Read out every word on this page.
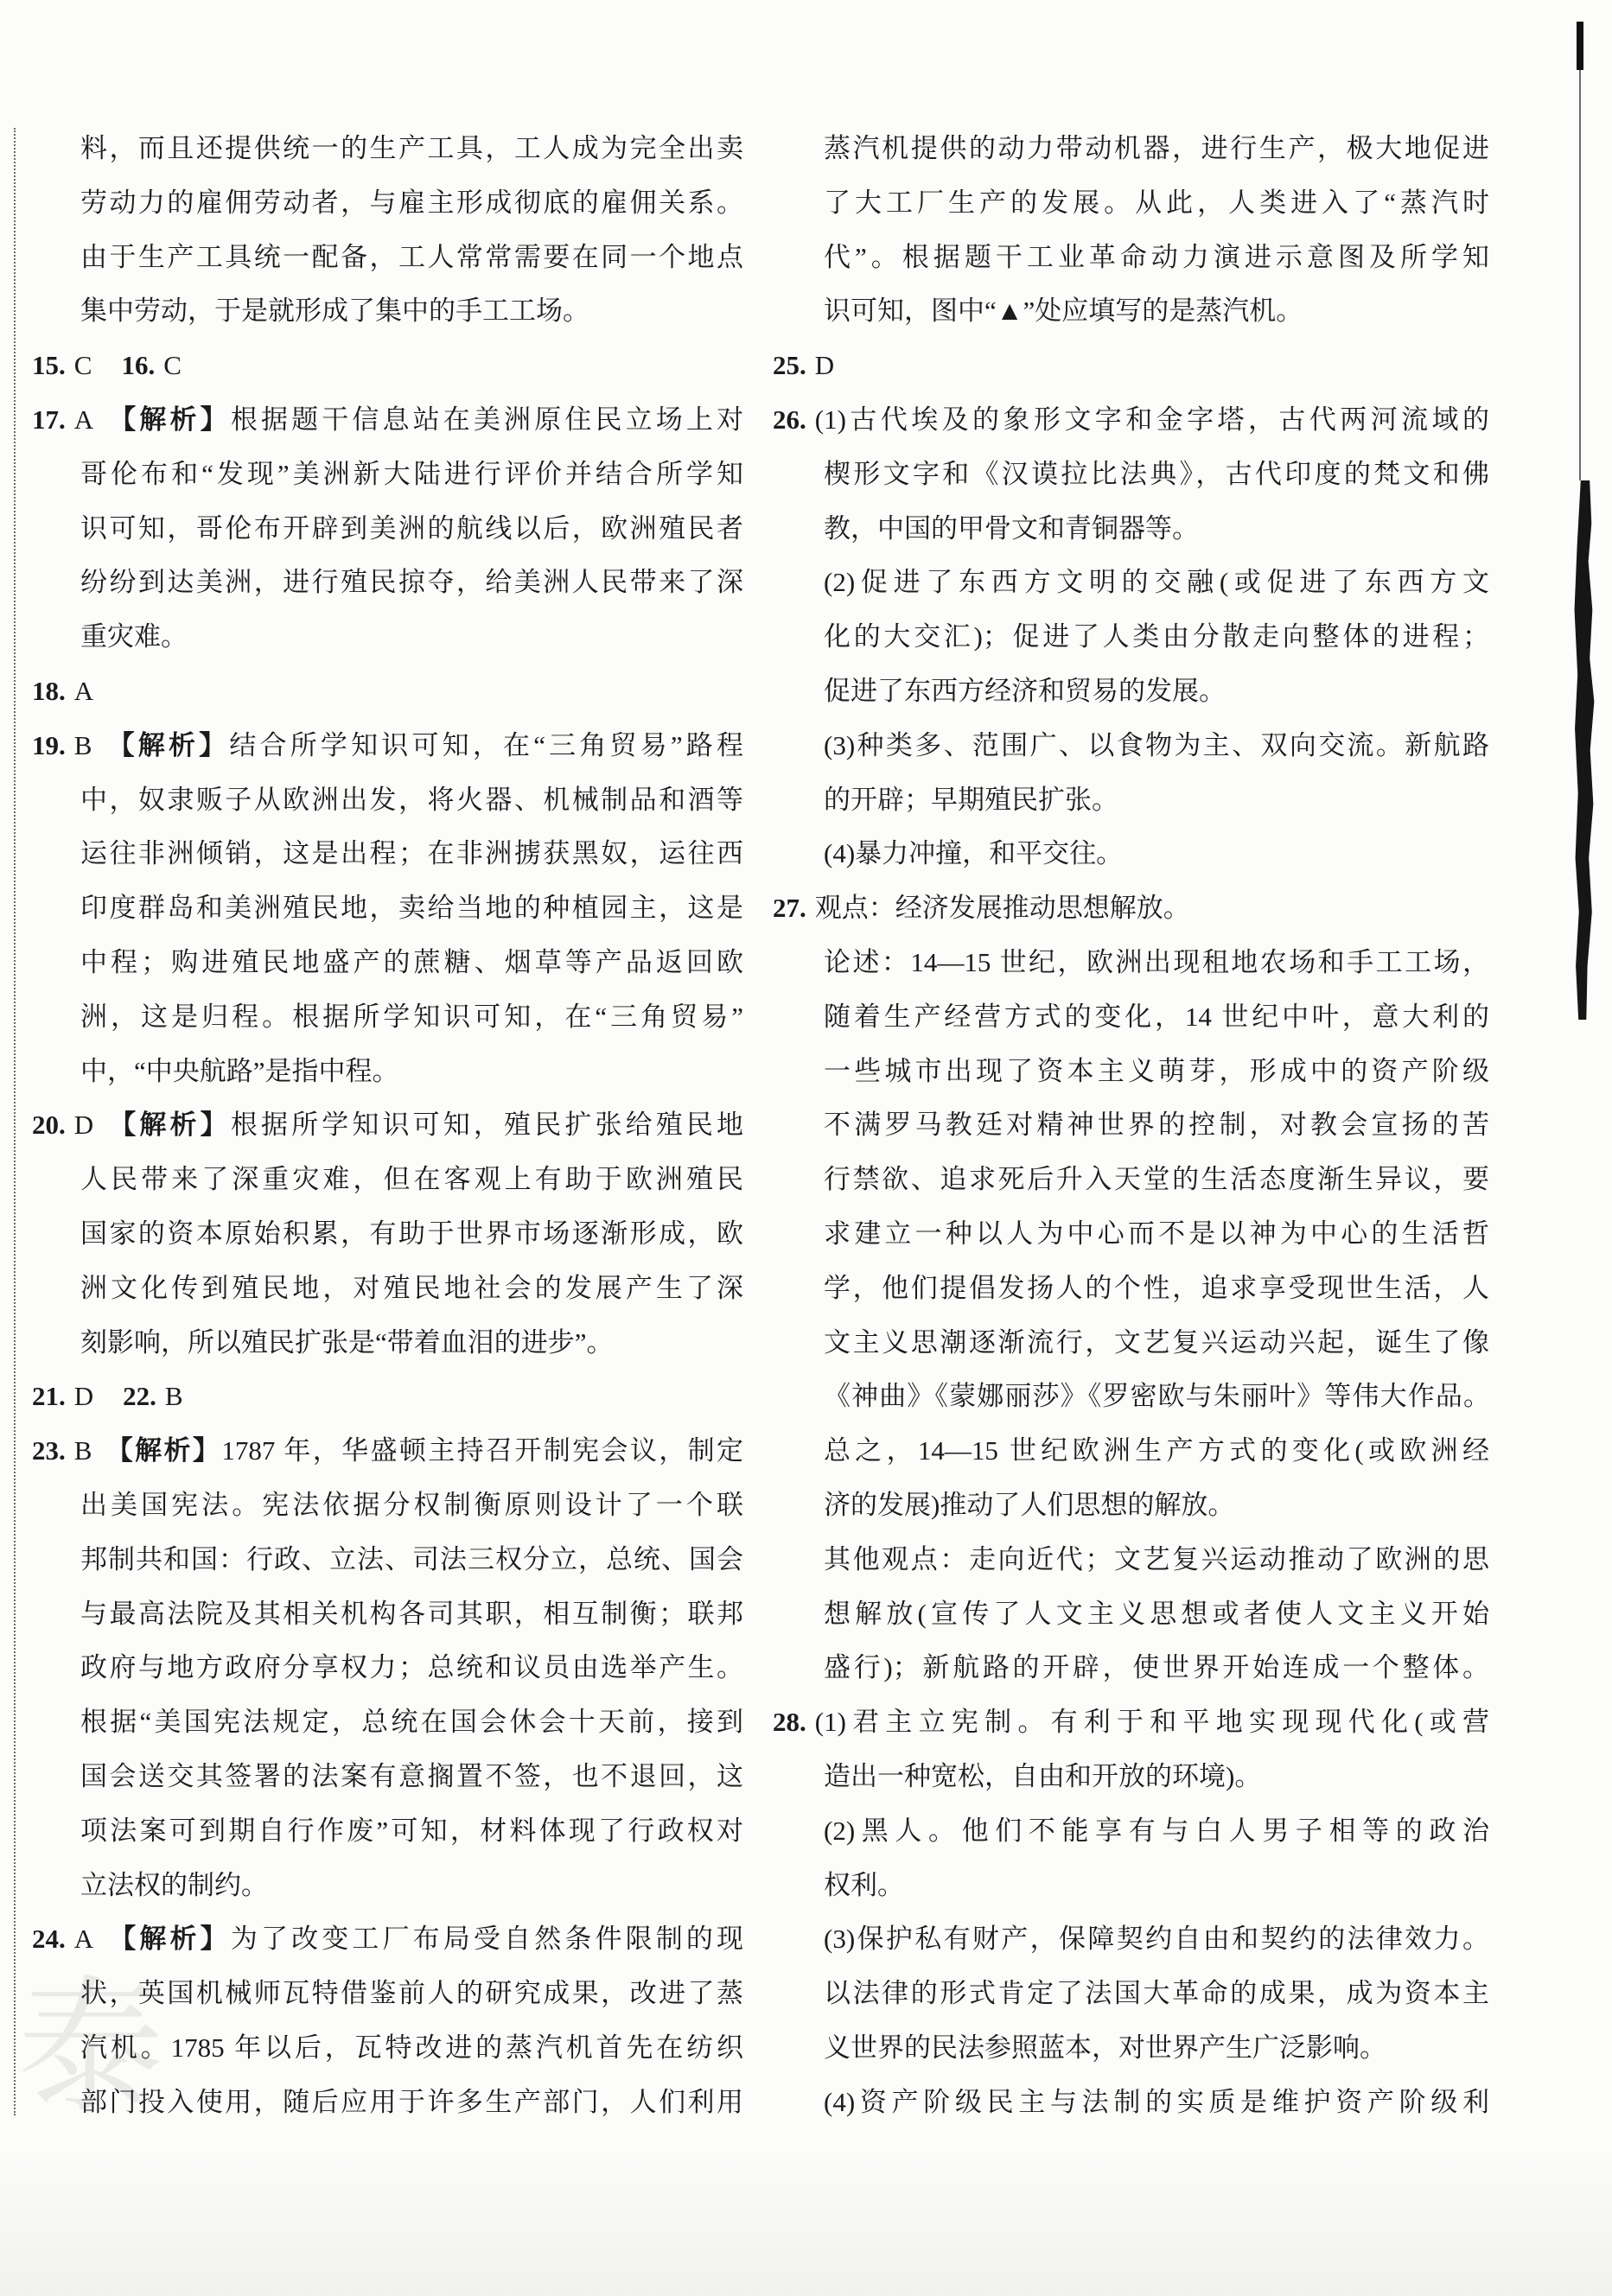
泰
料，而且还提供统一的生产工具，工人成为完全出卖
劳动力的雇佣劳动者，与雇主形成彻底的雇佣关系。
由于生产工具统一配备，工人常常需要在同一个地点
集中劳动，于是就形成了集中的手工工场。
15. C 16. C
17. A 【解析】根据题干信息站在美洲原住民立场上对
哥伦布和“发现”美洲新大陆进行评价并结合所学知
识可知，哥伦布开辟到美洲的航线以后，欧洲殖民者
纷纷到达美洲，进行殖民掠夺，给美洲人民带来了深
重灾难。
18. A
19. B 【解析】结合所学知识可知，在“三角贸易”路程
中，奴隶贩子从欧洲出发，将火器、机械制品和酒等
运往非洲倾销，这是出程；在非洲掳获黑奴，运往西
印度群岛和美洲殖民地，卖给当地的种植园主，这是
中程；购进殖民地盛产的蔗糖、烟草等产品返回欧
洲，这是归程。根据所学知识可知，在“三角贸易”
中，“中央航路”是指中程。
20. D 【解析】根据所学知识可知，殖民扩张给殖民地
人民带来了深重灾难，但在客观上有助于欧洲殖民
国家的资本原始积累，有助于世界市场逐渐形成，欧
洲文化传到殖民地，对殖民地社会的发展产生了深
刻影响，所以殖民扩张是“带着血泪的进步”。
21. D 22. B
23. B 【解析】1787 年，华盛顿主持召开制宪会议，制定
出美国宪法。宪法依据分权制衡原则设计了一个联
邦制共和国：行政、立法、司法三权分立，总统、国会
与最高法院及其相关机构各司其职，相互制衡；联邦
政府与地方政府分享权力；总统和议员由选举产生。
根据“美国宪法规定，总统在国会休会十天前，接到
国会送交其签署的法案有意搁置不签，也不退回，这
项法案可到期自行作废”可知，材料体现了行政权对
立法权的制约。
24. A 【解析】为了改变工厂布局受自然条件限制的现
状，英国机械师瓦特借鉴前人的研究成果，改进了蒸
汽机。1785 年以后，瓦特改进的蒸汽机首先在纺织
部门投入使用，随后应用于许多生产部门，人们利用
蒸汽机提供的动力带动机器，进行生产，极大地促进
了大工厂生产的发展。从此，人类进入了“蒸汽时
代”。根据题干工业革命动力演进示意图及所学知
识可知，图中“▲”处应填写的是蒸汽机。
25. D
26. (1)古代埃及的象形文字和金字塔，古代两河流域的
楔形文字和《汉谟拉比法典》，古代印度的梵文和佛
教，中国的甲骨文和青铜器等。
(2)促进了东西方文明的交融(或促进了东西方文
化的大交汇)；促进了人类由分散走向整体的进程；
促进了东西方经济和贸易的发展。
(3)种类多、范围广、以食物为主、双向交流。新航路
的开辟；早期殖民扩张。
(4)暴力冲撞，和平交往。
27. 观点：经济发展推动思想解放。
论述：14—15 世纪，欧洲出现租地农场和手工工场，
随着生产经营方式的变化，14 世纪中叶，意大利的
一些城市出现了资本主义萌芽，形成中的资产阶级
不满罗马教廷对精神世界的控制，对教会宣扬的苦
行禁欲、追求死后升入天堂的生活态度渐生异议，要
求建立一种以人为中心而不是以神为中心的生活哲
学，他们提倡发扬人的个性，追求享受现世生活，人
文主义思潮逐渐流行，文艺复兴运动兴起，诞生了像
《神曲》《蒙娜丽莎》《罗密欧与朱丽叶》等伟大作品。
总之，14—15 世纪欧洲生产方式的变化(或欧洲经
济的发展)推动了人们思想的解放。
其他观点：走向近代；文艺复兴运动推动了欧洲的思
想解放(宣传了人文主义思想或者使人文主义开始
盛行)；新航路的开辟，使世界开始连成一个整体。
28. (1)君主立宪制。有利于和平地实现现代化(或营
造出一种宽松，自由和开放的环境)。
(2)黑人。他们不能享有与白人男子相等的政治
权利。
(3)保护私有财产，保障契约自由和契约的法律效力。
以法律的形式肯定了法国大革命的成果，成为资本主
义世界的民法参照蓝本，对世界产生广泛影响。
(4)资产阶级民主与法制的实质是维护资产阶级利
